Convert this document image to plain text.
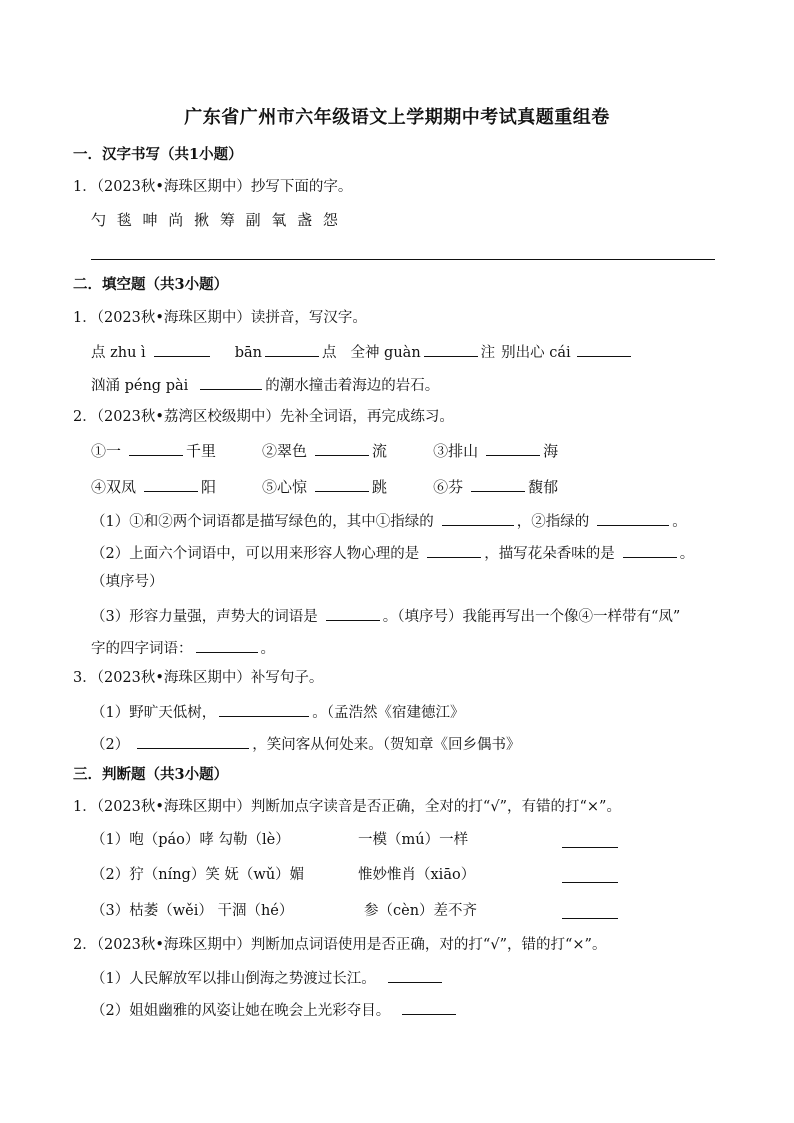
广东省广州市六年级语文上学期期中考试真题重组卷
一．汉字书写（共1小题）
1．（2023秋•海珠区期中）抄写下面的字。
勺 毯 呻 尚 揪 筹 副 氧 盏 怨
二．填空题（共3小题）
1．（2023秋•海珠区期中）读拼音，写汉字。
点 zhu ì	bān	点 全神 guàn	注 别出心 cái
汹涌 péng pài	的潮水撞击着海边的岩石。
2．（2023秋•荔湾区校级期中）先补全词语，再完成练习。
①一	千里	②翠色	流	③排山	海
④双凤	阳	⑤心惊	跳	⑥芬	馥郁
（1）①和②两个词语都是描写绿色的，其中①指绿的	，②指绿的	。
（2）上面六个词语中，可以用来形容人物心理的是	，描写花朵香味的是	。
（填序号）
（3）形容力量强，声势大的词语是	。（填序号）我能再写出一个像④一样带有“凤”
字的四字词语：	。
3．（2023秋•海珠区期中）补写句子。
（1）野旷天低树，	。（孟浩然《宿建德江》
（2）	，笑问客从何处来。（贺知章《回乡偶书》
三．判断题（共3小题）
1．（2023秋•海珠区期中）判断加点字读音是否正确，全对的打“√”，有错的打“×”。
（1）咆（páo）哮 勾勒（lè）	一模（mú）一样
（2）狞（níng）笑 妩（wǔ）媚	惟妙惟肖（xiāo）
（3）枯萎（wěi） 干涸（hé）	参（cèn）差不齐
2．（2023秋•海珠区期中）判断加点词语使用是否正确，对的打“√”，错的打“×”。
（1）人民解放军以排山倒海之势渡过长江。
（2）姐姐幽雅的风姿让她在晚会上光彩夺目。
